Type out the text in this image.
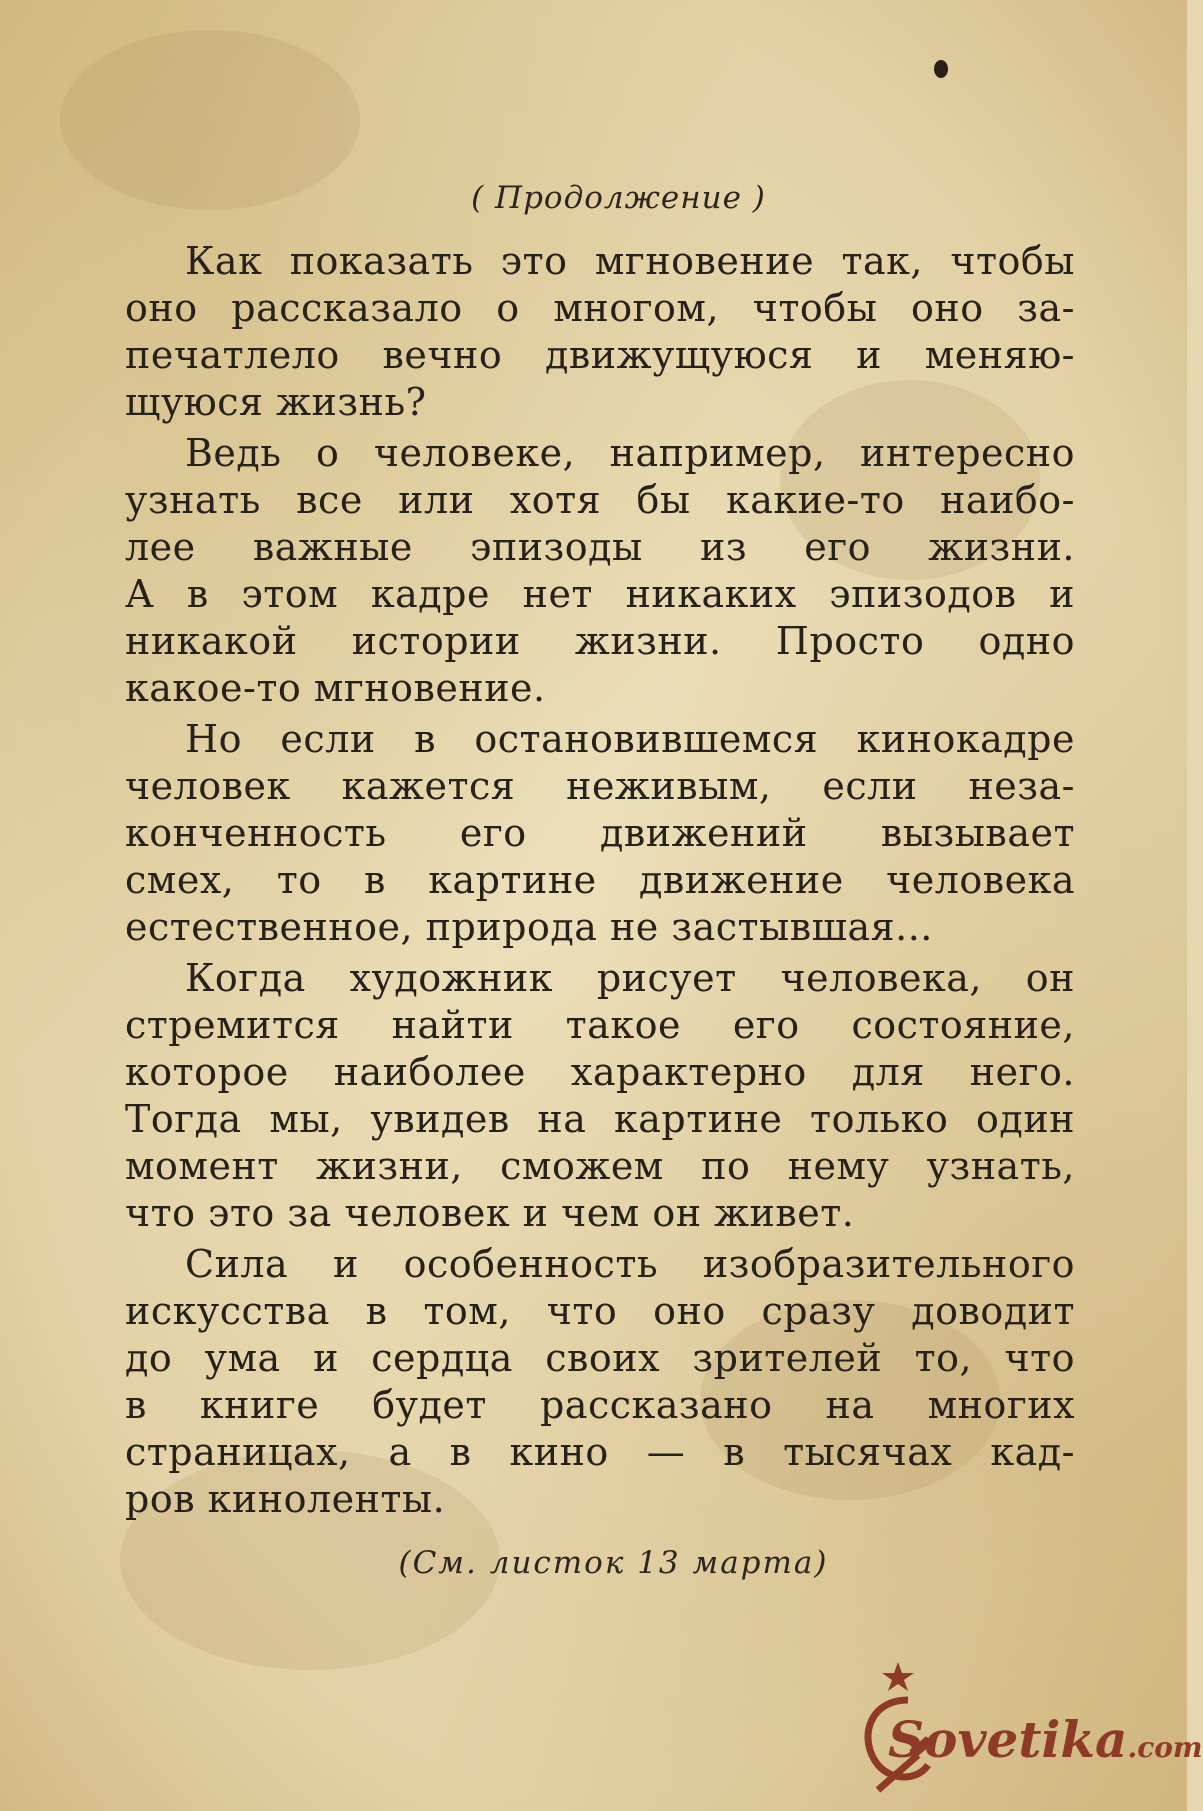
( Продолжение )
Как показать это мгновение так, чтобы
оно рассказало о многом, чтобы оно за-
печатлело вечно движущуюся и меняю-
щуюся жизнь?
Ведь о человеке, например, интересно
узнать все или хотя бы какие-то наибо-
лее важные эпизоды из его жизни.
А в этом кадре нет никаких эпизодов и
никакой истории жизни. Просто одно
какое-то мгновение.
Но если в остановившемся кинокадре
человек кажется неживым, если неза-
конченность его движений вызывает
смех, то в картине движение человека
естественное, природа не застывшая...
Когда художник рисует человека, он
стремится найти такое его состояние,
которое наиболее характерно для него.
Тогда мы, увидев на картине только один
момент жизни, сможем по нему узнать,
что это за человек и чем он живет.
Сила и особенность изобразительного
искусства в том, что оно сразу доводит
до ума и сердца своих зрителей то, что
в книге будет рассказано на многих
страницах, а в кино — в тысячах кад-
ров киноленты.
(См. листок 13 марта)
Sovetika.com
